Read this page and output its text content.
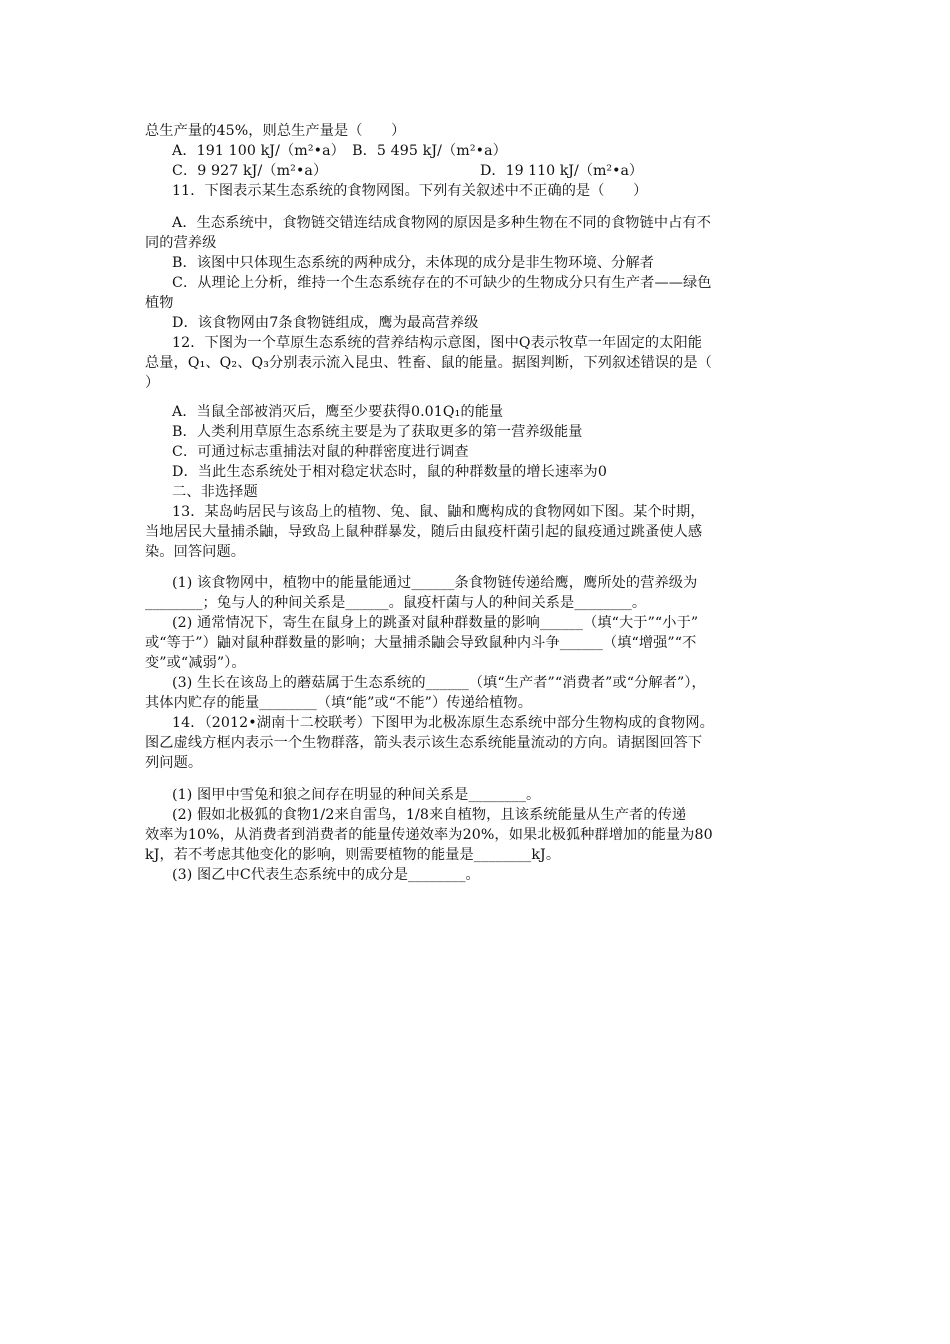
总生产量的45%，则总生产量是（　　）
A．191 100 kJ/（m²•a）　B．5 495 kJ/（m²•a）
C．9 927 kJ/（m²•a）	D．19 110 kJ/（m²•a）
11．下图表示某生态系统的食物网图。下列有关叙述中不正确的是（　　）
A．生态系统中，食物链交错连结成食物网的原因是多种生物在不同的食物链中占有不
同的营养级
B．该图中只体现生态系统的两种成分，未体现的成分是非生物环境、分解者
C．从理论上分析，维持一个生态系统存在的不可缺少的生物成分只有生产者——绿色
植物
D．该食物网由7条食物链组成，鹰为最高营养级
12．下图为一个草原生态系统的营养结构示意图，图中Q表示牧草一年固定的太阳能
总量，Q₁、Q₂、Q₃分别表示流入昆虫、牲畜、鼠的能量。据图判断，下列叙述错误的是（
）
A．当鼠全部被消灭后，鹰至少要获得0.01Q₁的能量
B．人类利用草原生态系统主要是为了获取更多的第一营养级能量
C．可通过标志重捕法对鼠的种群密度进行调查
D．当此生态系统处于相对稳定状态时，鼠的种群数量的增长速率为0
二、非选择题
13．某岛屿居民与该岛上的植物、兔、鼠、鼬和鹰构成的食物网如下图。某个时期，
当地居民大量捕杀鼬，导致岛上鼠种群暴发，随后由鼠疫杆菌引起的鼠疫通过跳蚤使人感
染。回答问题。
(1) 该食物网中，植物中的能量能通过______条食物链传递给鹰，鹰所处的营养级为
________；兔与人的种间关系是______。鼠疫杆菌与人的种间关系是________。
(2) 通常情况下，寄生在鼠身上的跳蚤对鼠种群数量的影响______（填“大于”“小于”
或“等于”）鼬对鼠种群数量的影响；大量捕杀鼬会导致鼠种内斗争______（填“增强”“不
变”或“减弱”）。
(3) 生长在该岛上的蘑菇属于生态系统的______（填“生产者”“消费者”或“分解者”），
其体内贮存的能量________（填“能”或“不能”）传递给植物。
14．（2012•湖南十二校联考）下图甲为北极冻原生态系统中部分生物构成的食物网。
图乙虚线方框内表示一个生物群落，箭头表示该生态系统能量流动的方向。请据图回答下
列问题。
(1) 图甲中雪兔和狼之间存在明显的种间关系是________。
(2) 假如北极狐的食物1/2来自雷鸟，1/8来自植物，且该系统能量从生产者的传递
效率为10%，从消费者到消费者的能量传递效率为20%，如果北极狐种群增加的能量为80
kJ，若不考虑其他变化的影响，则需要植物的能量是________kJ。
(3) 图乙中C代表生态系统中的成分是________。
